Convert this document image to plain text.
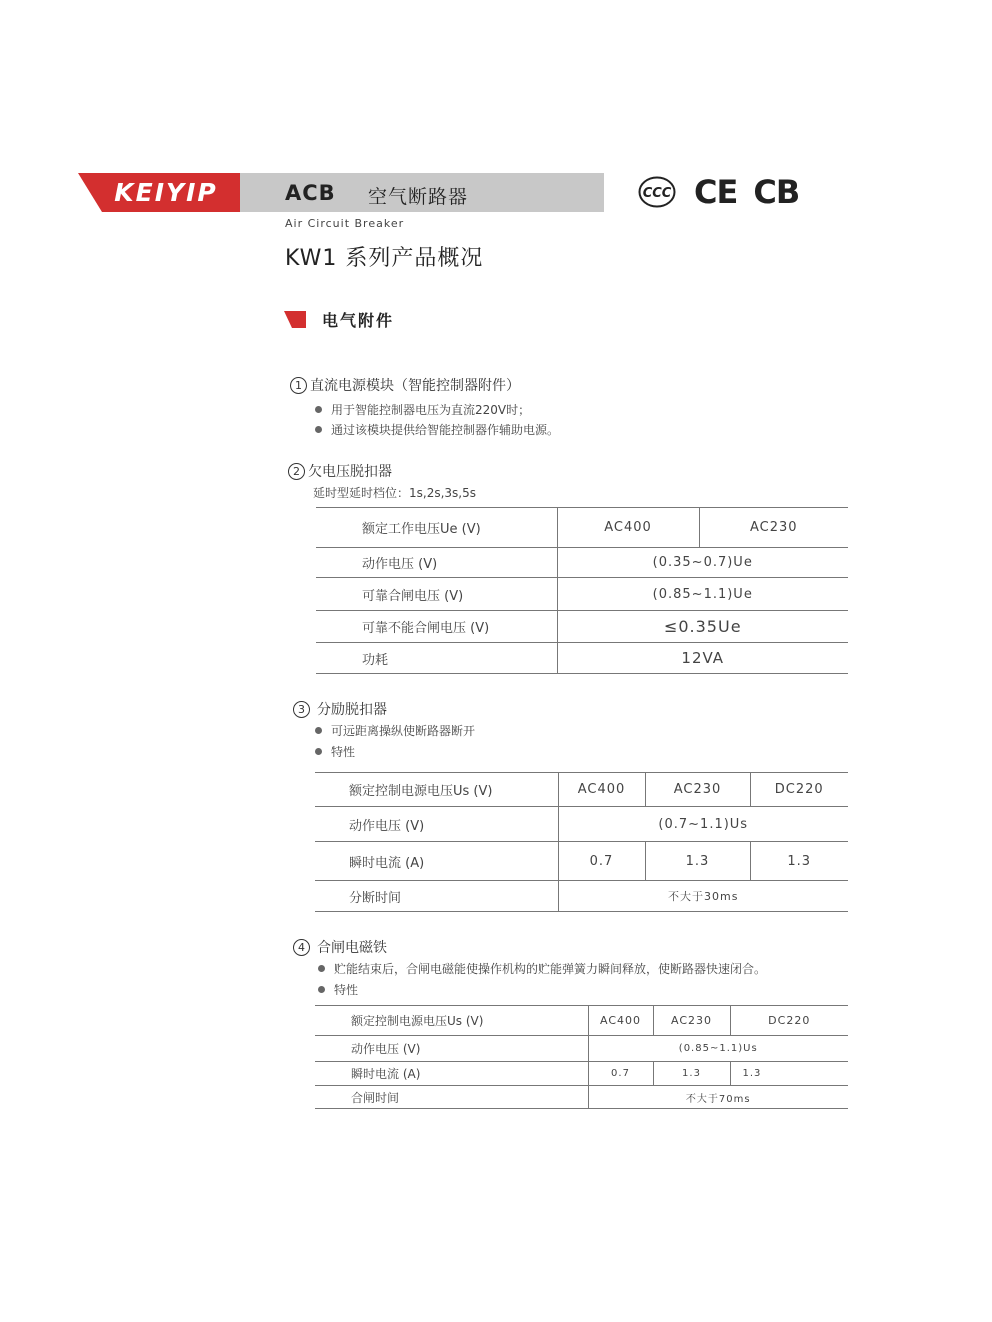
KEIYIP	ACB 空气断路器
Air Circuit Breaker
KW1 系列产品概况
CCC CE CB
电气附件
1 直流电源模块（智能控制器附件）
用于智能控制器电压为直流220V时；
通过该模块提供给智能控制器作辅助电源。
2 欠电压脱扣器
延时型延时档位：1s,2s,3s,5s
额定工作电压Ue (V)	AC400	AC230
动作电压 (V)	(0.35~0.7)Ue	
可靠合闸电压 (V)	(0.85~1.1)Ue	
可靠不能合闸电压 (V)	≤0.35Ue	
功耗	12VA	
3 分励脱扣器
可远距离操纵使断路器断开
特性
额定控制电源电压Us (V)	AC400	AC230	DC220
动作电压 (V)	(0.7~1.1)Us		
瞬时电流 (A)	0.7	1.3	1.3
分断时间	不大于30ms		
4 合闸电磁铁
贮能结束后，合闸电磁能使操作机构的贮能弹簧力瞬间释放，使断路器快速闭合。
特性
额定控制电源电压Us (V)	AC400	AC230	DC220
动作电压 (V)	(0.85~1.1)Us		
瞬时电流 (A)	0.7	1.3	1.3
合闸时间	不大于70ms		
